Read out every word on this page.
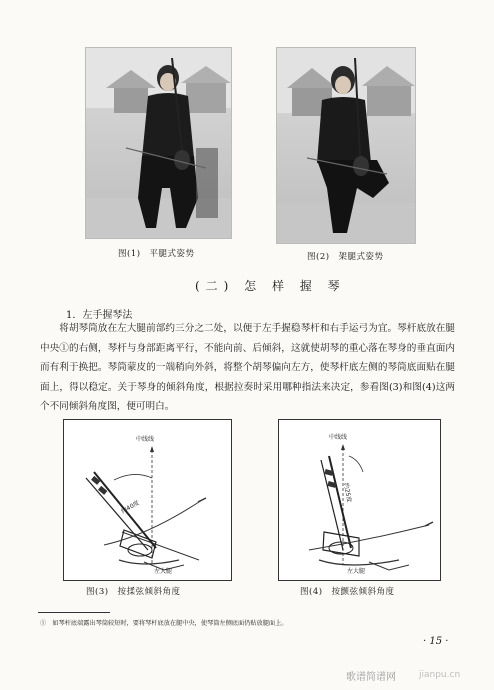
图(1)　平腿式姿势	图(2)　架腿式姿势
(二) 怎 样 握 琴
1．左手握琴法
将胡琴筒放在左大腿前部约三分之二处，以便于左手握稳琴杆和右手运弓为宜。琴杆底放在腿中央①的右侧，琴杆与身部距离平行，不能向前、后倾斜，这就使胡琴的重心落在琴身的垂直面内而有利于换把。琴筒蒙皮的一端稍向外斜，将整个胡琴偏向左方，使琴杆底左侧的琴筒底面贴在腿面上，得以稳定。关于琴身的倾斜角度，根据拉奏时采用哪种指法来决定，参看图(3)和图(4)这两个不同倾斜角度图，便可明白。
中线线
约40度
左大腿
图(3)　按揉弦倾斜角度
中线线
约25度
左大腿
图(4)　按颤弦倾斜角度
①　如琴杆底端露出琴筒较短时，要将琴杆底放在腿中央，使琴筒左侧底面仍贴放腿面上。
· 15 ·
歌谱简谱网	jianpu.cn
